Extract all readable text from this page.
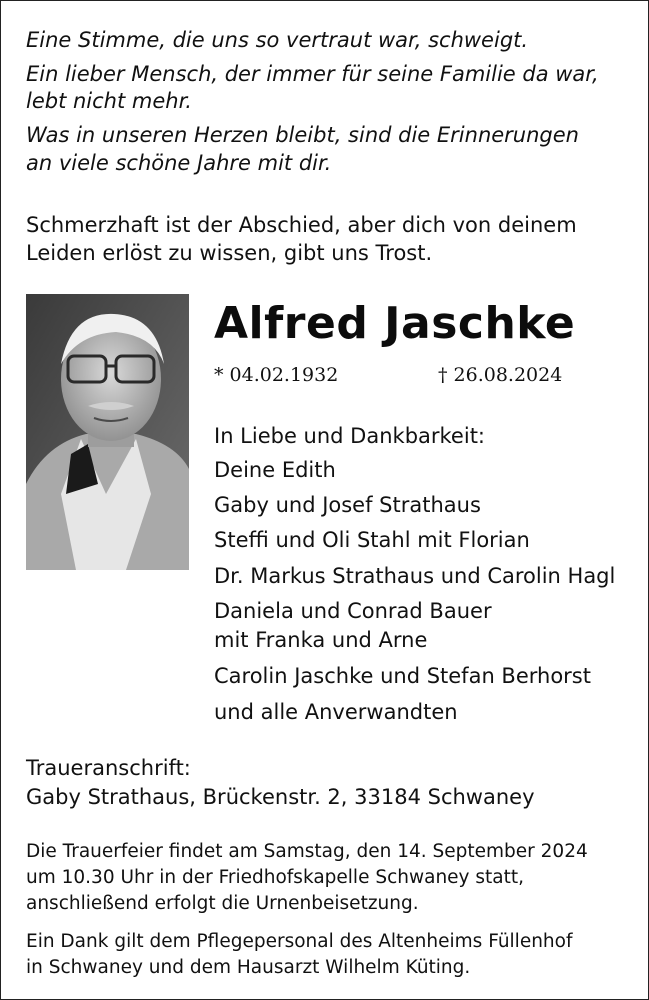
Eine Stimme, die uns so vertraut war, schweigt.
Ein lieber Mensch, der immer für seine Familie da war,
lebt nicht mehr.
Was in unseren Herzen bleibt, sind die Erinnerungen
an viele schöne Jahre mit dir.
Schmerzhaft ist der Abschied, aber dich von deinem
Leiden erlöst zu wissen, gibt uns Trost.
Alfred Jaschke
* 04.02.1932	† 26.08.2024
In Liebe und Dankbarkeit:
Deine Edith
Gaby und Josef Strathaus
Steffi und Oli Stahl mit Florian
Dr. Markus Strathaus und Carolin Hagl
Daniela und Conrad Bauer
mit Franka und Arne
Carolin Jaschke und Stefan Berhorst
und alle Anverwandten
Traueranschrift:
Gaby Strathaus, Brückenstr. 2, 33184 Schwaney
Die Trauerfeier findet am Samstag, den 14. September 2024
um 10.30 Uhr in der Friedhofskapelle Schwaney statt,
anschließend erfolgt die Urnenbeisetzung.
Ein Dank gilt dem Pflegepersonal des Altenheims Füllenhof
in Schwaney und dem Hausarzt Wilhelm Küting.
